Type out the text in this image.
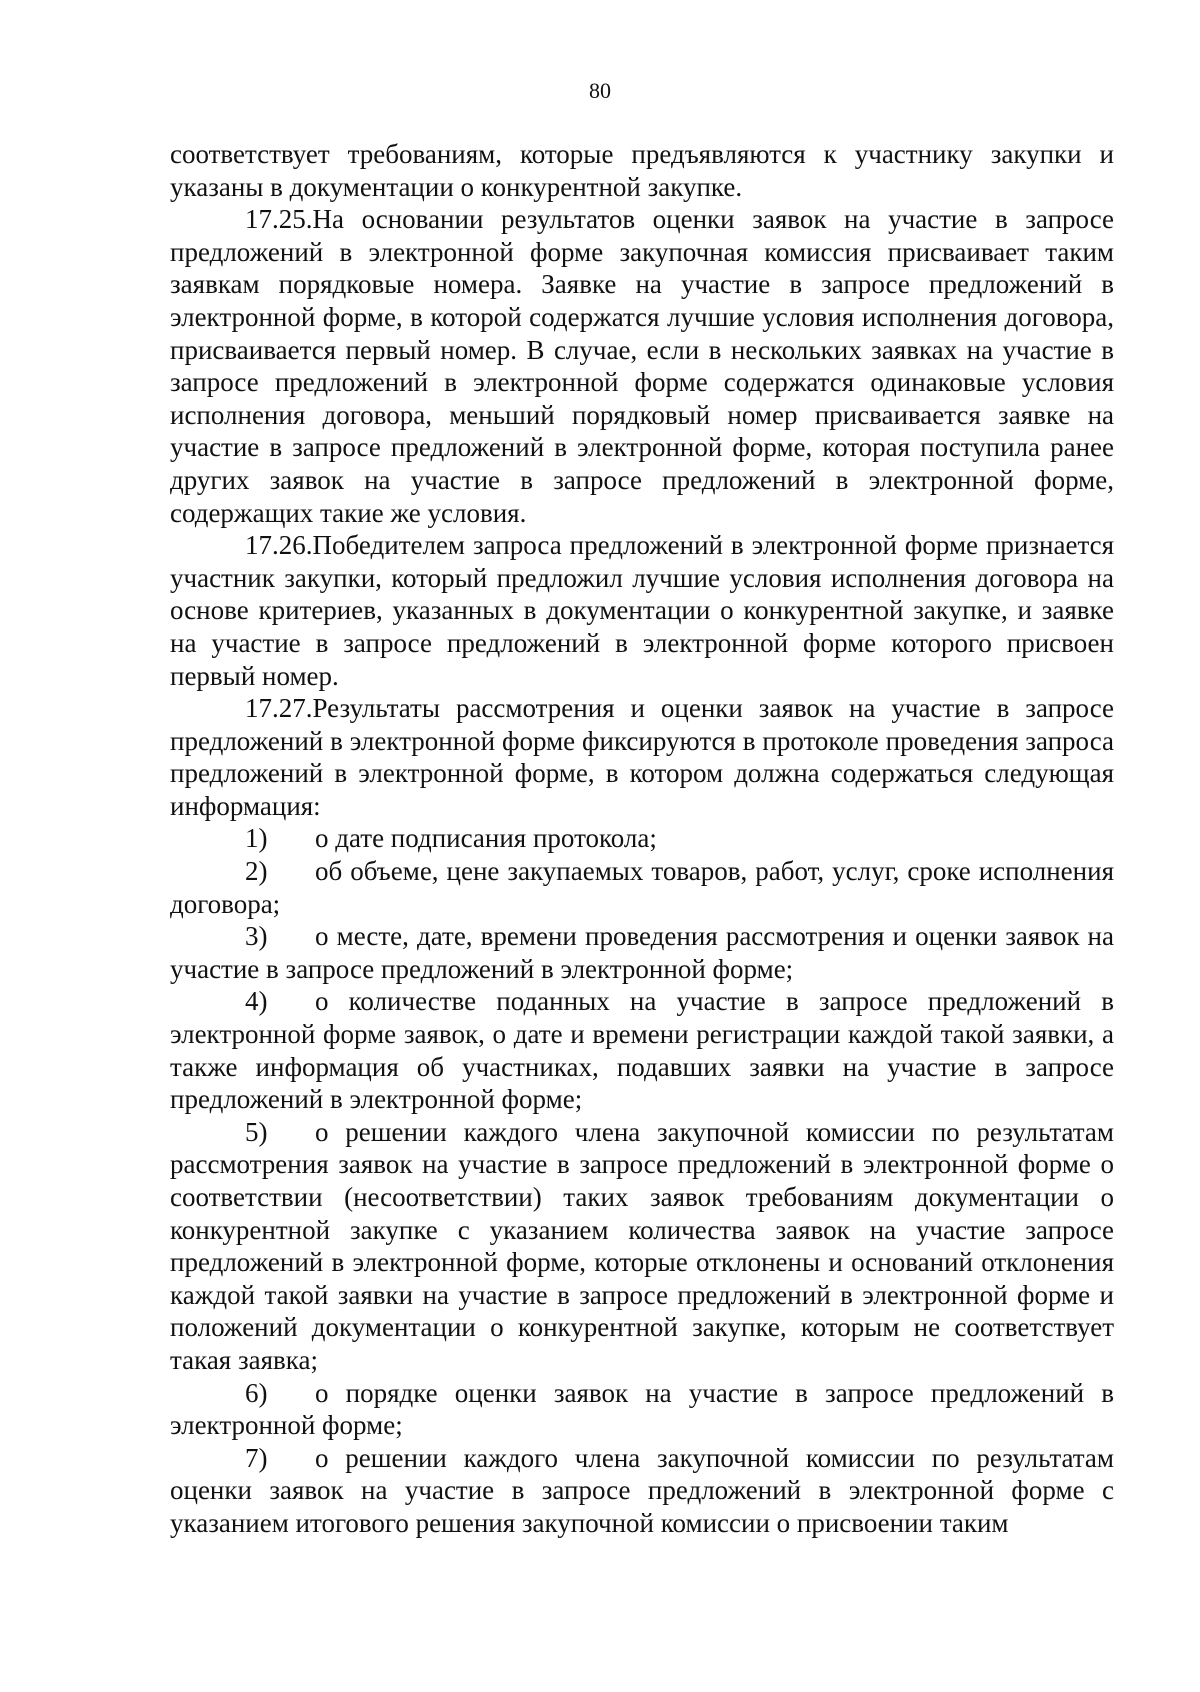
80

соответствует требованиям, которые предъявляются к участнику закупки и указаны в документации о конкурентной закупке.

17.25.На основании результатов оценки заявок на участие в запросе предложений в электронной форме закупочная комиссия присваивает таким заявкам порядковые номера. Заявке на участие в запросе предложений в электронной форме, в которой содержатся лучшие условия исполнения договора, присваивается первый номер. В случае, если в нескольких заявках на участие в запросе предложений в электронной форме содержатся одинаковые условия исполнения договора, меньший порядковый номер присваивается заявке на участие в запросе предложений в электронной форме, которая поступила ранее других заявок на участие в запросе предложений в электронной форме, содержащих такие же условия.

17.26.Победителем запроса предложений в электронной форме признается участник закупки, который предложил лучшие условия исполнения договора на основе критериев, указанных в документации о конкурентной закупке, и заявке на участие в запросе предложений в электронной форме которого присвоен первый номер.

17.27.Результаты рассмотрения и оценки заявок на участие в запросе предложений в электронной форме фиксируются в протоколе проведения запроса предложений в электронной форме, в котором должна содержаться следующая информация:

1) о дате подписания протокола;

2) об объеме, цене закупаемых товаров, работ, услуг, сроке исполнения договора;

3) о месте, дате, времени проведения рассмотрения и оценки заявок на участие в запросе предложений в электронной форме;

4) о количестве поданных на участие в запросе предложений в электронной форме заявок, о дате и времени регистрации каждой такой заявки, а также информация об участниках, подавших заявки на участие в запросе предложений в электронной форме;

5) о решении каждого члена закупочной комиссии по результатам рассмотрения заявок на участие в запросе предложений в электронной форме о соответствии (несоответствии) таких заявок требованиям документации о конкурентной закупке с указанием количества заявок на участие запросе предложений в электронной форме, которые отклонены и оснований отклонения каждой такой заявки на участие в запросе предложений в электронной форме и положений документации о конкурентной закупке, которым не соответствует такая заявка;

6) о порядке оценки заявок на участие в запросе предложений в электронной форме;

7) о решении каждого члена закупочной комиссии по результатам оценки заявок на участие в запросе предложений в электронной форме с указанием итогового решения закупочной комиссии о присвоении таким
